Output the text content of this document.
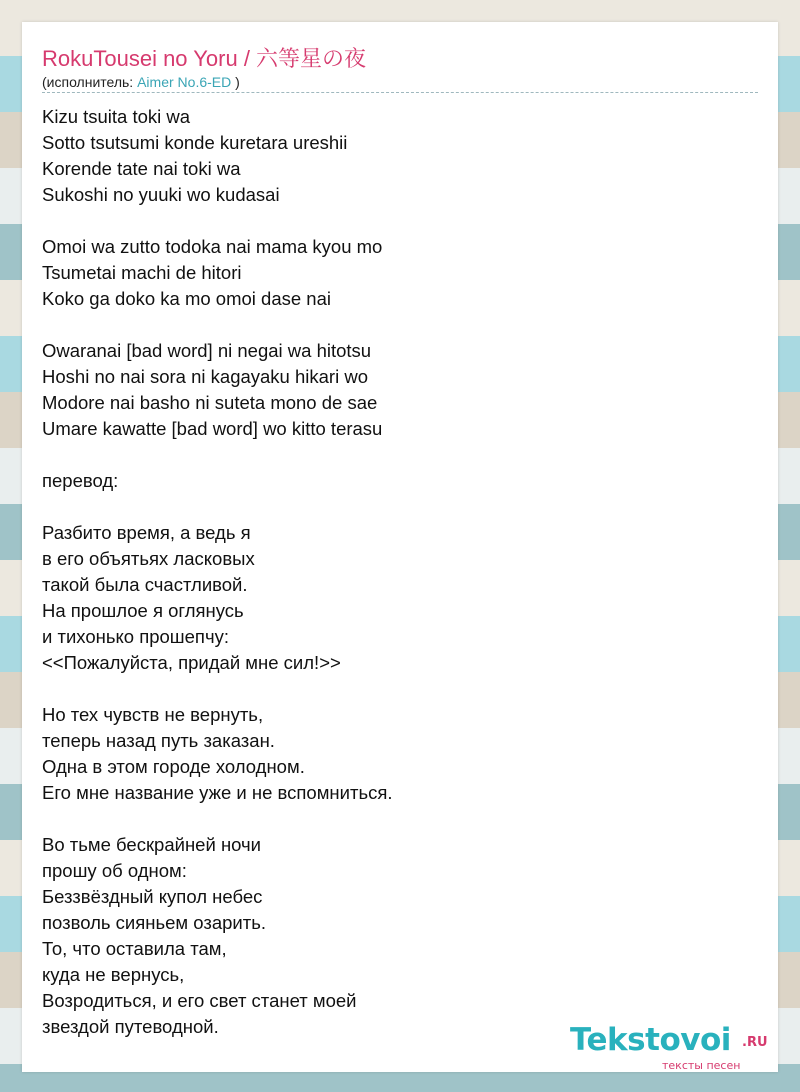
RokuTousei no Yoru / 六等星の夜
(исполнитель: Aimer No.6-ED )
Kizu tsuita toki wa
Sotto tsutsumi konde kuretara ureshii
Korende tate nai toki wa
Sukoshi no yuuki wo kudasai
Omoi wa zutto todoka nai mama kyou mo
Tsumetai machi de hitori
Koko ga doko ka mo omoi dase nai
Owaranai [bad word] ni negai wa hitotsu
Hoshi no nai sora ni kagayaku hikari wo
Modore nai basho ni suteta mono de sae
Umare kawatte [bad word] wo kitto terasu
перевод:
Разбито время, а ведь я
в его объятьях ласковых
такой была счастливой.
На прошлое я оглянусь
и тихонько прошепчу:
<<Пожалуйста, придай мне сил!>>
Но тех чувств не вернуть,
теперь назад путь заказан.
Одна в этом городе холодном.
Его мне название уже и не вспомниться.
Во тьме бескрайней ночи
прошу об одном:
Беззвёздный купол небес
позволь сияньем озарить.
То, что оставила там,
куда не вернусь,
Возродиться, и его свет станет моей
звездой путеводной.	Tekstovoi .RU
тексты песен
